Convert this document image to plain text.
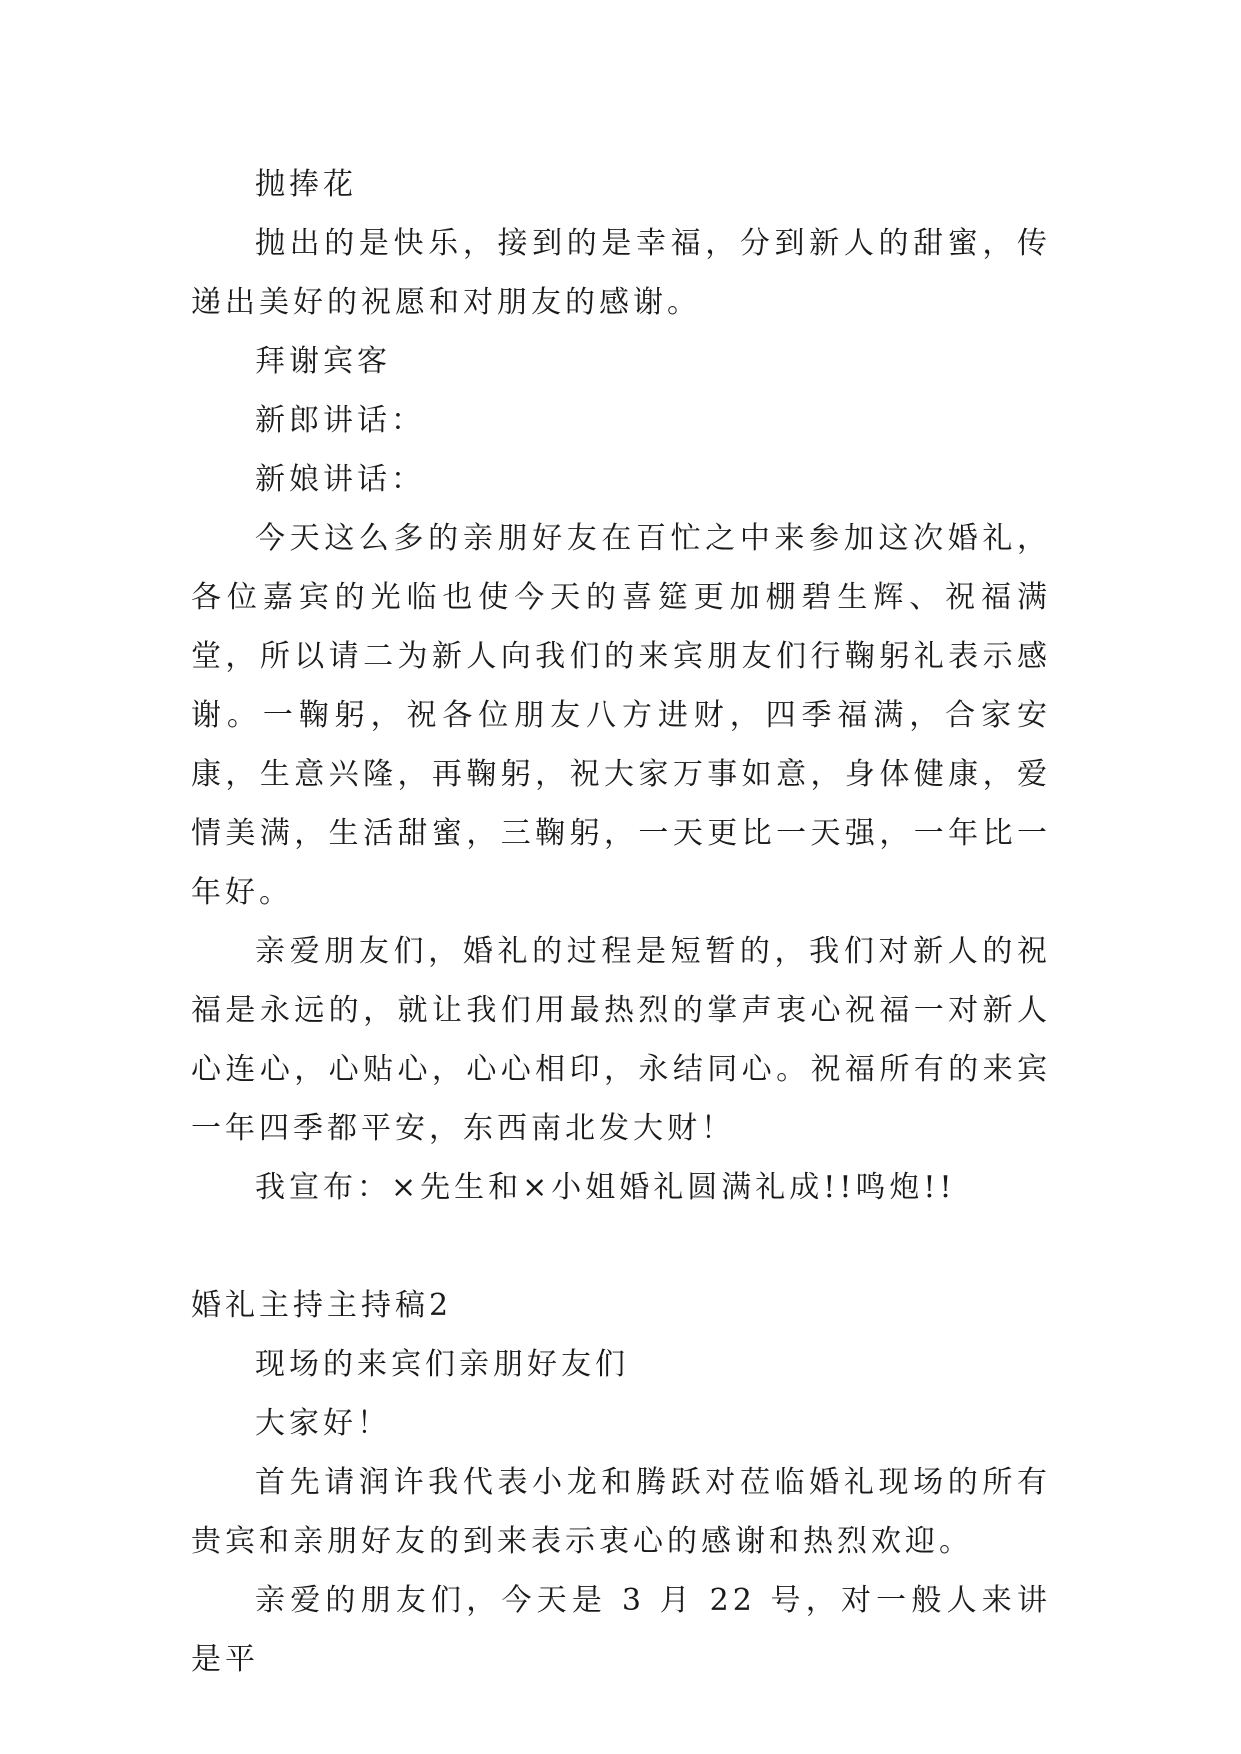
抛捧花

抛出的是快乐，接到的是幸福，分到新人的甜蜜，传递出美好的祝愿和对朋友的感谢。

拜谢宾客

新郎讲话：

新娘讲话：

今天这么多的亲朋好友在百忙之中来参加这次婚礼，各位嘉宾的光临也使今天的喜筵更加棚碧生辉、祝福满堂，所以请二为新人向我们的来宾朋友们行鞠躬礼表示感谢。一鞠躬，祝各位朋友八方进财，四季福满，合家安康，生意兴隆，再鞠躬，祝大家万事如意，身体健康，爱情美满，生活甜蜜，三鞠躬，一天更比一天强，一年比一年好。

亲爱朋友们，婚礼的过程是短暂的，我们对新人的祝福是永远的，就让我们用最热烈的掌声衷心祝福一对新人心连心，心贴心，心心相印，永结同心。祝福所有的来宾一年四季都平安，东西南北发大财！

我宣布：×先生和×小姐婚礼圆满礼成!!鸣炮!!

婚礼主持主持稿2

现场的来宾们亲朋好友们

大家好！

首先请润许我代表小龙和腾跃对莅临婚礼现场的所有贵宾和亲朋好友的到来表示衷心的感谢和热烈欢迎。

亲爱的朋友们，今天是 3 月 22 号，对一般人来讲是平
